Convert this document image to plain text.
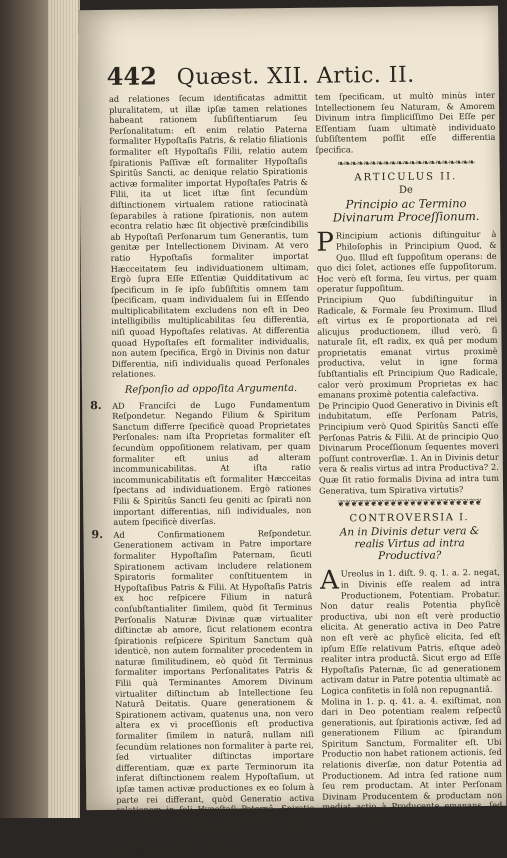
442 Quæst. XII. Artic. II.

ad relationes ſecum identificatas admittit pluralitatem, ut illæ ipſæ tamen relationes habeant rationem ſubſiſtentiarum ſeu Perſonalitatum: eſt enim relatio Paterna formaliter Hypoſtaſis Patris, & relatio filiationis formaliter eſt Hypoſtaſis Filii, relatio autem ſpirationis Paſſivæ eſt formaliter Hypoſtaſis Spiritûs Sancti, ac denique relatio Spirationis activæ formaliter importat Hypoſtaſes Patris & Filii, ita ut licet iſtæ ſint ſecundùm diſtinctionem virtualem ratione ratiocinatà ſeparabiles à ratione ſpirationis, non autem econtra relatio hæc ſit objectivè præſcindibilis ab Hypoſtaſi Perſonarum tum Generantis, tum genitæ per Intellectionem Divinam. At vero ratio Hypoſtaſis formaliter importat Hæcceitatem ſeu individuationem ultimam, Ergò ſupra Eſſe Eſſentiæ Quidditativum ac ſpecificum in ſe ipſo ſubſiſtitis omnem tam ſpecificam, quam individualem ſui in Eſſendo multiplicabilitatem excludens non eſt in Deo intelligibilis multiplicabilitas ſeu differentia, niſi quoad Hypoſtaſes relativas. At differentia quoad Hypoſtaſes eſt formaliter individualis, non autem ſpecifica, Ergò in Divinis non datur Differentia, niſi individualis quoad Perſonales relationes.

Reſponſio ad oppoſita Argumenta.
8. AD Franciſci de Lugo Fundamentum Reſpondetur. Negando Filium & Spiritum Sanctum differre ſpecificè quoad Proprietates Perſonales: nam iſta Proprietas formaliter eſt ſecundùm oppoſitionem relativam, per quam formaliter eſt unius ad alteram incommunicabilitas. At iſta ratio incommunicabilitatis eſt formaliter Hæcceitas ſpectans ad individuationem. Ergò rationes Filii & Spiritûs Sancti ſeu geniti ac ſpirati non important differentias, niſi individuales, non autem ſpecificè diverſas.

9. Ad Confirmationem Reſpondetur. Generationem activam in Patre importare formaliter Hypoſtaſim Paternam, ſicuti Spirationem activam includere relationem Spiratoris formaliter conſtituentem in Hypoſtaſibus Patris & Filii. At Hypoſtaſis Patris ex hoc reſpicere Filium in naturâ conſubſtantialiter ſimilem, quòd ſit Terminus Perſonalis Naturæ Divinæ quæ virtualiter diſtinctæ ab amore, ſicut relationem econtra ſpirationis reſpicere Spiritum Sanctum quà identicè, non autem formaliter procedentem in naturæ ſimilitudinem, eò quòd ſit Terminus formaliter importans Perſonalitates Patris & Filii quà Terminantes Amorem Divinum virtualiter diſtinctum ab Intellectione ſeu Naturâ Deitatis. Quare generationem & Spirationem activam, quatenus una, non vero altera ex vi proceſſionis eſt productiva formaliter ſimilem in naturâ, nullam niſi ſecundùm relationes non formaliter à parte rei, ſed virtualiter diſtinctas importare differentiam, quæ ex parte Terminorum ita inferat diſtinctionem realem Hypoſtaſium, ut ipſæ tamen activæ productiones ex eo ſolum à parte rei differant, quòd Generatio activa relationem in ſoli Hypoſtaſi Paternâ, Spiratio verò activa relationem in duabus Patris & Filii Perſonalitatibus ſubſiſtentem importet. Quam equidem ex parte Hypoſtaſium diſtinctionem ita eſſe numericam, non autem

tem ſpecificam, ut multò minùs inter Intellectionem ſeu Naturam, & Amorem Divinum intra ſimpliciſſimo Dei Eſſe per Eſſentiam ſuam ultimatè individuato ſubſiſtentem poſſit eſſe differentia ſpecifica.

❧❧❧❧❧❧❧❧❧❧❧❧❧❧❧❧❧❧❧❧❧
ARTICULUS II.
De
Principio ac Termino Divinarum Proceſſionum.

P Rincipium actionis diſtinguitur à Philoſophis in Principium Quod, & Quo. Illud eſt ſuppoſitum operans: de quo dici ſolet, actiones eſſe ſuppoſitorum. Hoc verò eſt forma, ſeu virtus, per quam operatur ſuppoſitum.

Principium Quo ſubdiſtinguitur in Radicale, & Formale ſeu Proximum. Illud eſt virtus ex ſe proportionata ad rei alicujus productionem, illud verò, ſi naturale ſit, eſt radix, ex quâ per modum proprietatis emanat virtus proximè productiva, velut in igne forma ſubſtantialis eſt Principium Quo Radicale, calor verò proximum Proprietas ex hac emanans proximè potentia calefactiva.

De Principio Quod Generativo in Divinis eſt indubitatum, eſſe Perſonam Patris, Principium verò Quod Spiritûs Sancti eſſe Perſonas Patris & Filii. At de principio Quo Divinarum Proceſſionum ſequentes moveri poſſunt controverſiæ. 1. An in Divinis detur vera & realis virtus ad intra Productiva? 2. Quæ ſit ratio formalis Divina ad intra tum Generativa, tum Spirativa virtutis?

❦❦❦❦❦❦❦❦❦❦❦❦❦❦❦❦❦❦❦❦❦❦
CONTROVERSIA I.
An in Divinis detur vera & realis Virtus ad intra Productiva?

A Ureolus in 1. diſt. 9. q. 1. a. 2. negat, in Divinis eſſe realem ad intra Productionem, Potentiam. Probatur. Non datur realis Potentia phyſicè productiva, ubi non eſt verè productio elicita. At generatio activa in Deo Patre non eſt verè ac phyſicè elicita, ſed eſt ipſum Eſſe relativum Patris, eſtque adeò realiter intra productâ. Sicut ergo ad Eſſe Hypoſtaſis Paternæ, ſic ad generationem activam datur in Patre potentia ultimatè ac Logica confitetis in ſolâ non repugnantiâ.

Molina in 1. p. q. 41. a. 4. exiſtimat, non dari in Deo potentiam realem reſpectû generationis, aut ſpirationis activæ, ſed ad generationem Filium ac ſpirandum Spiritum Sanctum, Formaliter eſt. Ubi Productio non habet rationem actionis, ſed relationis diverſæ, non datur Potentia ad Productionem. Ad intra ſed ratione num ſeu rem productam. At inter Perſonam Divinam Producentem & productam non mediat actio à Producente emanans, ſed relatio tio datur.
